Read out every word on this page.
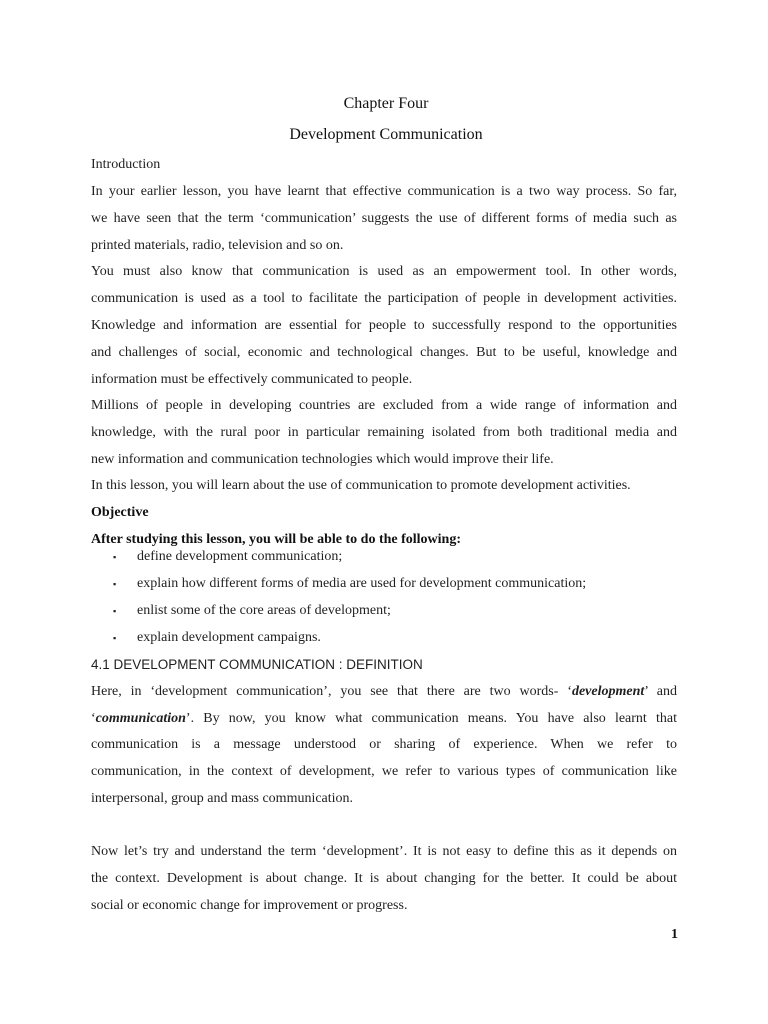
Chapter Four
Development Communication
Introduction
In your earlier lesson, you have learnt that effective communication is a two way process. So far,
we have seen that the term ‘communication’ suggests the use of different forms of media such as
printed materials, radio, television and so on.
You must also know that communication is used as an empowerment tool. In other words,
communication is used as a tool to facilitate the participation of people in development activities.
Knowledge and information are essential for people to successfully respond to the opportunities
and challenges of social, economic and technological changes. But to be useful, knowledge and
information must be effectively communicated to people.
Millions of people in developing countries are excluded from a wide range of information and
knowledge, with the rural poor in particular remaining isolated from both traditional media and
new information and communication technologies which would improve their life.
In this lesson, you will learn about the use of communication to promote development activities.
Objective
After studying this lesson, you will be able to do the following:
▪ define development communication;
▪ explain how different forms of media are used for development communication;
▪ enlist some of the core areas of development;
▪ explain development campaigns.
4.1 DEVELOPMENT COMMUNICATION : DEFINITION
Here, in ‘development communication’, you see that there are two words- ‘development’ and
‘communication’. By now, you know what communication means. You have also learnt that
communication is a message understood or sharing of experience. When we refer to
communication, in the context of development, we refer to various types of communication like
interpersonal, group and mass communication.
Now let’s try and understand the term ‘development’. It is not easy to define this as it depends on
the context. Development is about change. It is about changing for the better. It could be about
social or economic change for improvement or progress.
1
